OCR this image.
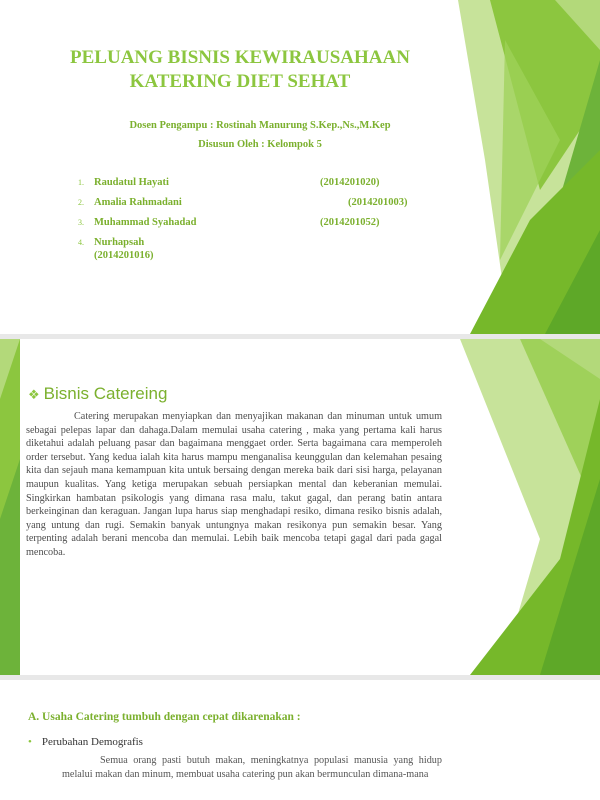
PELUANG BISNIS KEWIRAUSAHAAN
KATERING DIET SEHAT
Dosen Pengampu : Rostinah Manurung S.Kep.,Ns.,M.Kep
Disusun Oleh : Kelompok 5
1. Raudatul Hayati	(2014201020)
2. Amalia Rahmadani	(2014201003)
3. Muhammad Syahadad	(2014201052)
4. Nurhapsah
(2014201016)
❖ Bisnis Catereing
Catering merupakan menyiapkan dan menyajikan makanan dan minuman untuk umum sebagai pelepas lapar dan dahaga.Dalam memulai usaha catering , maka yang pertama kali harus diketahui adalah peluang pasar dan bagaimana menggaet order. Serta bagaimana cara memperoleh order tersebut. Yang kedua ialah kita harus mampu menganalisa keunggulan dan kelemahan pesaing kita dan sejauh mana kemampuan kita untuk bersaing dengan mereka baik dari sisi harga, pelayanan maupun kualitas. Yang ketiga merupakan sebuah persiapkan mental dan keberanian memulai. Singkirkan hambatan psikologis yang dimana rasa malu, takut gagal, dan perang batin antara berkeinginan dan keraguan. Jangan lupa harus siap menghadapi resiko, dimana resiko bisnis adalah, yang untung dan rugi. Semakin banyak untungnya makan resikonya pun semakin besar. Yang terpenting adalah berani mencoba dan memulai. Lebih baik mencoba tetapi gagal dari pada gagal mencoba.
A. Usaha Catering tumbuh dengan cepat dikarenakan :
• Perubahan Demografis
Semua orang pasti butuh makan, meningkatnya populasi manusia yang hidup melalui makan dan minum, membuat usaha catering pun akan bermunculan dimana-mana
